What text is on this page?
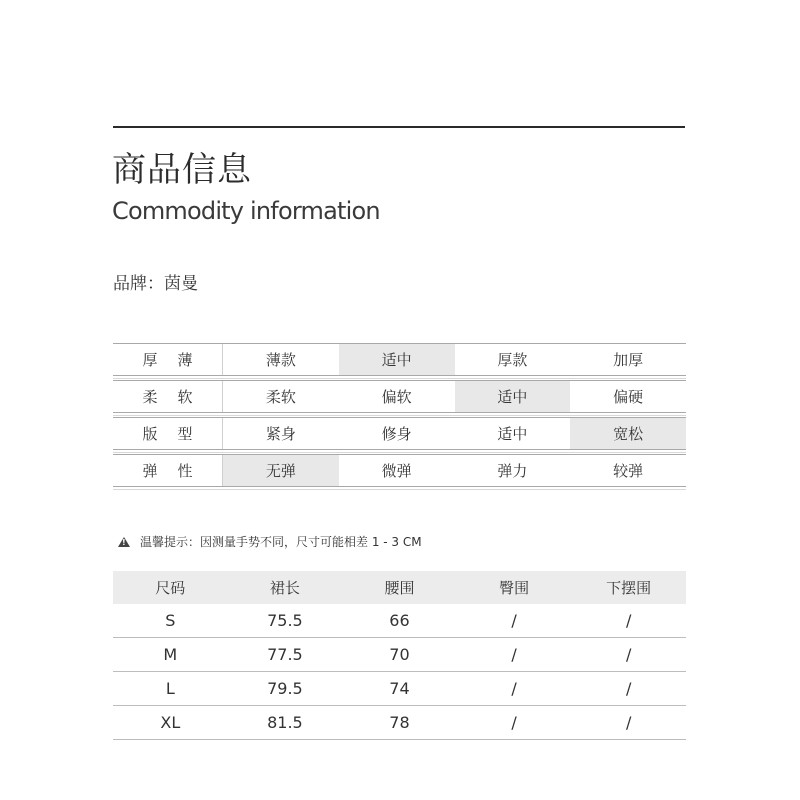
商品信息
Commodity information
品牌：茵曼
厚薄	薄款	适中	厚款	加厚
柔软	柔软	偏软	适中	偏硬
版型	紧身	修身	适中	宽松
弹性	无弹	微弹	弹力	较弹
!
温馨提示：因测量手势不同，尺寸可能相差 1 - 3 CM
尺码	裙长	腰围	臀围	下摆围
S	75.5	66	/	/
M	77.5	70	/	/
L	79.5	74	/	/
XL	81.5	78	/	/
